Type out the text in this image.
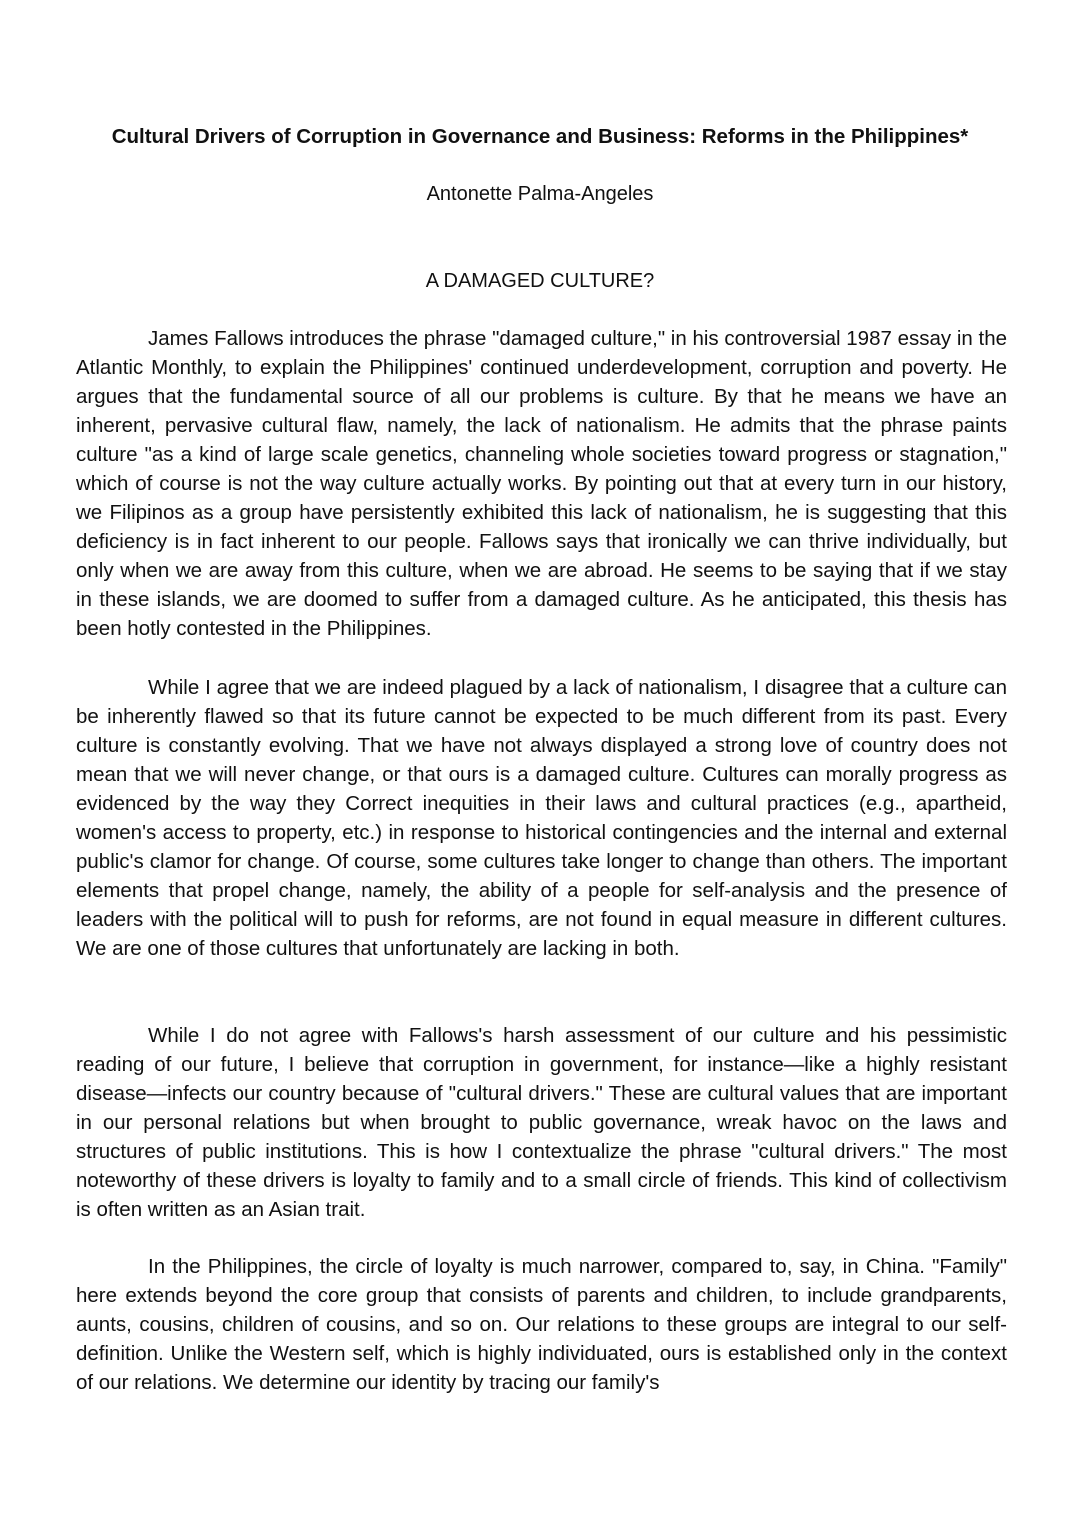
Cultural Drivers of Corruption in Governance and Business: Reforms in the Philippines*
Antonette Palma-Angeles
A DAMAGED CULTURE?

James Fallows introduces the phrase "damaged culture," in his controversial 1987 essay in the Atlantic Monthly, to explain the Philippines' continued underdevelopment, corruption and poverty. He argues that the fundamental source of all our problems is culture. By that he means we have an inherent, pervasive cultural flaw, namely, the lack of nationalism. He admits that the phrase paints culture "as a kind of large scale genetics, channeling whole societies toward progress or stagnation," which of course is not the way culture actually works. By pointing out that at every turn in our history, we Filipinos as a group have persistently exhibited this lack of nationalism, he is suggesting that this deficiency is in fact inherent to our people. Fallows says that ironically we can thrive individually, but only when we are away from this culture, when we are abroad. He seems to be saying that if we stay in these islands, we are doomed to suffer from a damaged culture. As he anticipated, this thesis has been hotly contested in the Philippines.

While I agree that we are indeed plagued by a lack of nationalism, I disagree that a culture can be inherently flawed so that its future cannot be expected to be much different from its past. Every culture is constantly evolving. That we have not always displayed a strong love of country does not mean that we will never change, or that ours is a damaged culture. Cultures can morally progress as evidenced by the way they Correct inequities in their laws and cultural practices (e.g., apartheid, women's access to property, etc.) in response to historical contingencies and the internal and external public's clamor for change. Of course, some cultures take longer to change than others. The important elements that propel change, namely, the ability of a people for self-analysis and the presence of leaders with the political will to push for reforms, are not found in equal measure in different cultures. We are one of those cultures that unfortunately are lacking in both.

While I do not agree with Fallows's harsh assessment of our culture and his pessimistic reading of our future, I believe that corruption in government, for instance—like a highly resistant disease—infects our country because of "cultural drivers." These are cultural values that are important in our personal relations but when brought to public governance, wreak havoc on the laws and structures of public institutions. This is how I contextualize the phrase "cultural drivers." The most noteworthy of these drivers is loyalty to family and to a small circle of friends. This kind of collectivism is often written as an Asian trait.

In the Philippines, the circle of loyalty is much narrower, compared to, say, in China. "Family" here extends beyond the core group that consists of parents and children, to include grandparents, aunts, cousins, children of cousins, and so on. Our relations to these groups are integral to our self-definition. Unlike the Western self, which is highly individuated, ours is established only in the context of our relations. We determine our identity by tracing our family's
